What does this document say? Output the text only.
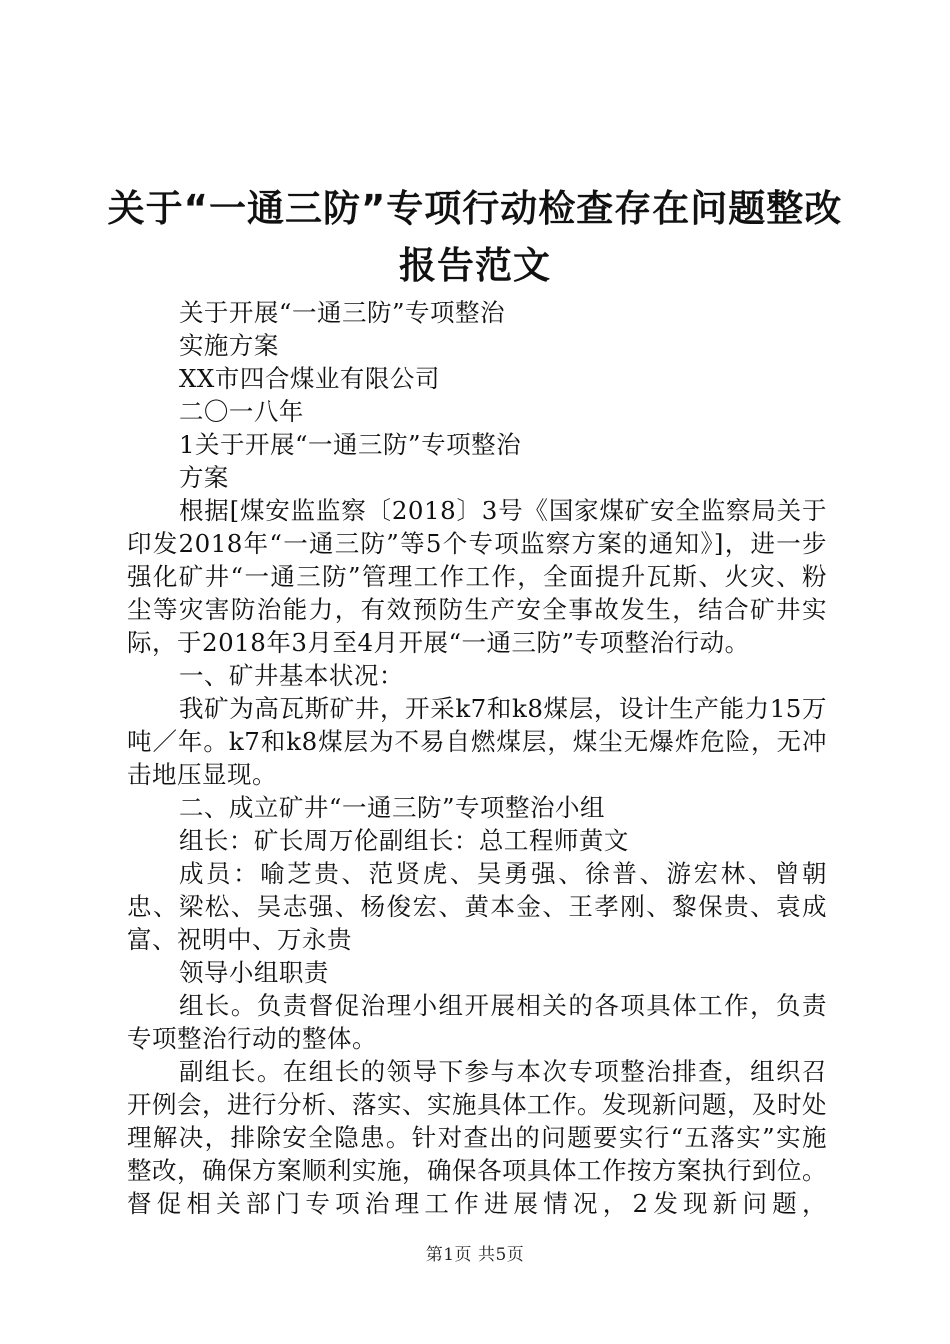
关于“一通三防”专项行动检查存在问题整改
报告范文

关于开展“一通三防”专项整治

实施方案

XX市四合煤业有限公司

二〇一八年

1关于开展“一通三防”专项整治

方案

根据[煤安监监察〔2018〕3号《国家煤矿安全监察局关于印发2018年“一通三防”等5个专项监察方案的通知》]，进一步强化矿井“一通三防”管理工作工作，全面提升瓦斯、火灾、粉尘等灾害防治能力，有效预防生产安全事故发生，结合矿井实际，于2018年3月至4月开展“一通三防”专项整治行动。

一、矿井基本状况：

我矿为高瓦斯矿井，开采k7和k8煤层，设计生产能力15万吨／年。k7和k8煤层为不易自燃煤层，煤尘无爆炸危险，无冲击地压显现。

二、成立矿井“一通三防”专项整治小组

组长：矿长周万伦副组长：总工程师黄文

成员：喻芝贵、范贤虎、吴勇强、徐普、游宏林、曾朝忠、梁松、吴志强、杨俊宏、黄本金、王孝刚、黎保贵、袁成富、祝明中、万永贵

领导小组职责

组长。负责督促治理小组开展相关的各项具体工作，负责专项整治行动的整体。

副组长。在组长的领导下参与本次专项整治排查，组织召开例会，进行分析、落实、实施具体工作。发现新问题，及时处理解决，排除安全隐患。针对查出的问题要实行“五落实”实施整改，确保方案顺利实施，确保各项具体工作按方案执行到位。督促相关部门专项治理工作进展情况，2发现新问题，

第1页 共5页
